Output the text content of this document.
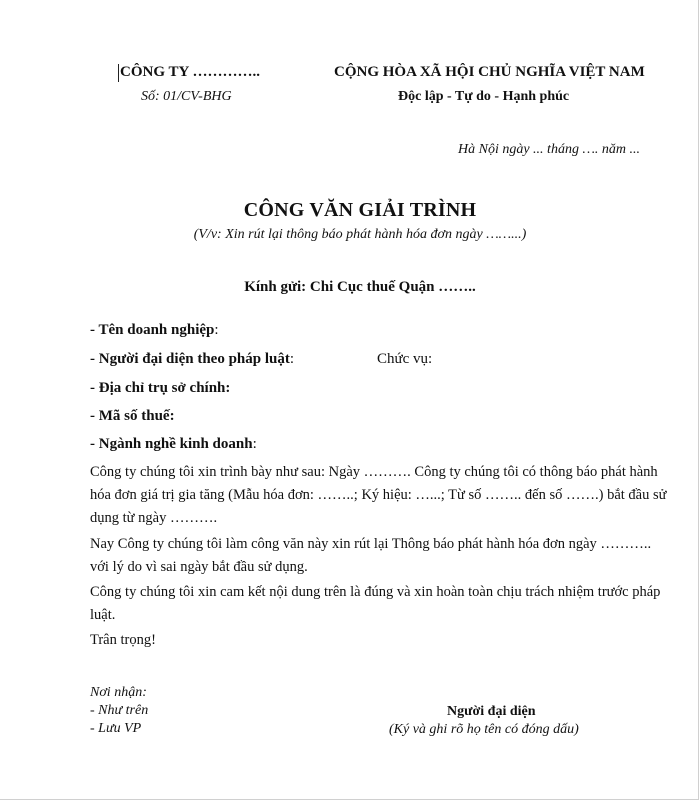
CÔNG TY …………..
Số: 01/CV-BHG
CỘNG HÒA XÃ HỘI CHỦ NGHĨA VIỆT NAM
Độc lập - Tự do - Hạnh phúc
Hà Nội ngày ... tháng …. năm ...
CÔNG VĂN GIẢI TRÌNH
(V/v: Xin rút lại thông báo phát hành hóa đơn ngày ……...)
Kính gửi: Chi Cục thuế Quận ……..
- Tên doanh nghiệp:
- Người đại diện theo pháp luật:	Chức vụ:
- Địa chỉ trụ sở chính:
- Mã số thuế:
- Ngành nghề kinh doanh:
Công ty chúng tôi xin trình bày như sau: Ngày ………. Công ty chúng tôi có thông báo phát hành hóa đơn giá trị gia tăng (Mẫu hóa đơn: ……..; Ký hiệu: …...; Từ số …….. đến số …….) bắt đầu sử dụng từ ngày ……….
Nay Công ty chúng tôi làm công văn này xin rút lại Thông báo phát hành hóa đơn ngày ……….. với lý do vì sai ngày bắt đầu sử dụng.
Công ty chúng tôi xin cam kết nội dung trên là đúng và xin hoàn toàn chịu trách nhiệm trước pháp luật.
Trân trọng!
Nơi nhận:
- Như trên
- Lưu VP
Người đại diện
(Ký và ghi rõ họ tên có đóng dấu)
